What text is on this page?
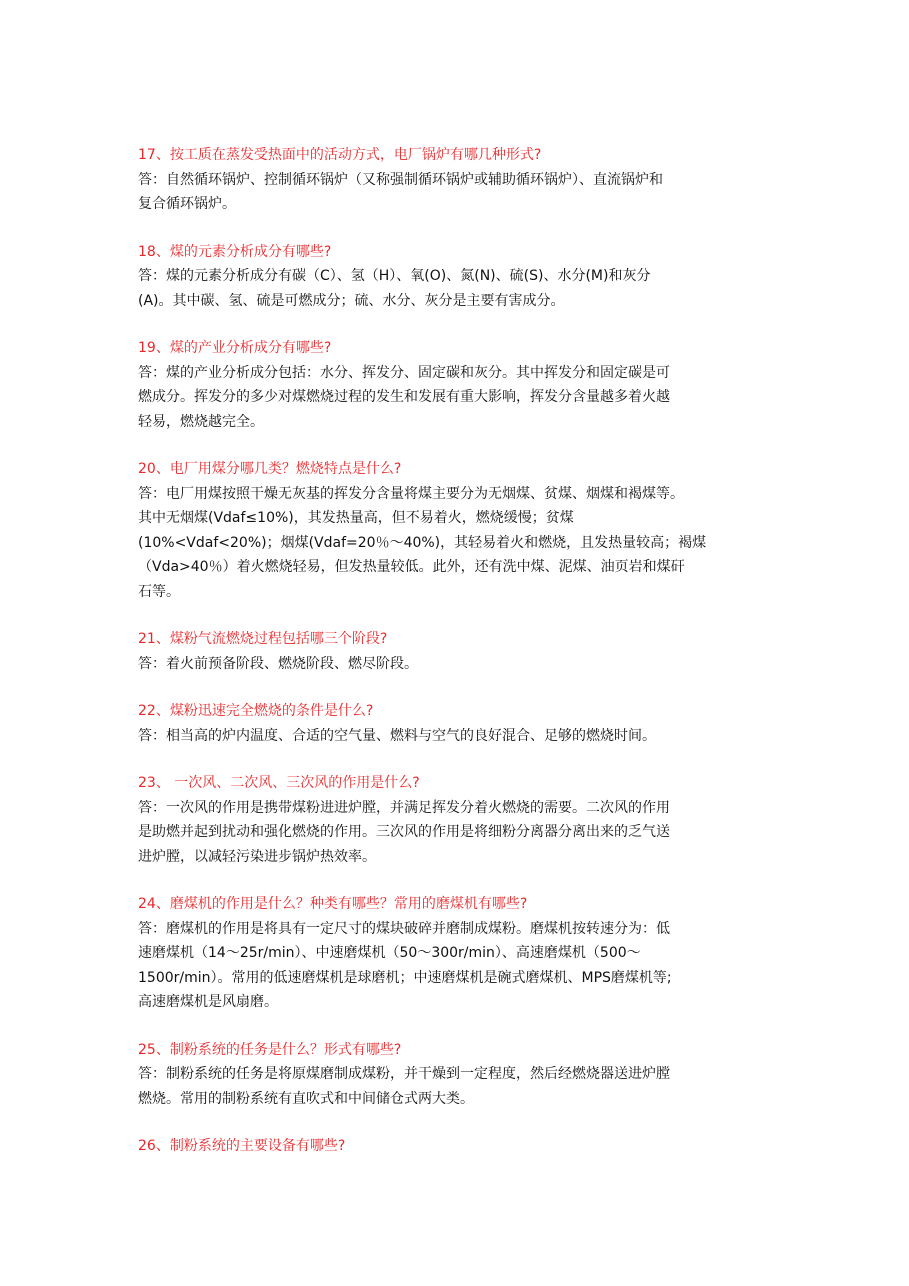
17、按工质在蒸发受热面中的活动方式，电厂锅炉有哪几种形式?
答：自然循环锅炉、控制循环锅炉（又称强制循环锅炉或辅助循环锅炉）、直流锅炉和
复合循环锅炉。
18、煤的元素分析成分有哪些?
答：煤的元素分析成分有碳（C）、氢（H）、氧(O)、氮(N)、硫(S)、水分(M)和灰分
(A)。其中碳、氢、硫是可燃成分；硫、水分、灰分是主要有害成分。
19、煤的产业分析成分有哪些?
答：煤的产业分析成分包括：水分、挥发分、固定碳和灰分。其中挥发分和固定碳是可
燃成分。挥发分的多少对煤燃烧过程的发生和发展有重大影响，挥发分含量越多着火越
轻易，燃烧越完全。
20、电厂用煤分哪几类？燃烧特点是什么?
答：电厂用煤按照干燥无灰基的挥发分含量将煤主要分为无烟煤、贫煤、烟煤和褐煤等。
其中无烟煤(Vdaf≤10%)，其发热量高，但不易着火，燃烧缓慢；贫煤
(10%<Vdaf<20%)；烟煤(Vdaf=20％～40%)，其轻易着火和燃烧，且发热量较高；褐煤
（Vda>40％）着火燃烧轻易，但发热量较低。此外，还有洗中煤、泥煤、油页岩和煤矸
石等。
21、煤粉气流燃烧过程包括哪三个阶段?
答：着火前预备阶段、燃烧阶段、燃尽阶段。
22、煤粉迅速完全燃烧的条件是什么?
答：相当高的炉内温度、合适的空气量、燃料与空气的良好混合、足够的燃烧时间。
23、 一次风、二次风、三次风的作用是什么?
答：一次风的作用是携带煤粉进进炉膛，并满足挥发分着火燃烧的需要。二次风的作用
是助燃并起到扰动和强化燃烧的作用。三次风的作用是将细粉分离器分离出来的乏气送
进炉膛，以减轻污染进步锅炉热效率。
24、磨煤机的作用是什么？种类有哪些？常用的磨煤机有哪些?
答：磨煤机的作用是将具有一定尺寸的煤块破碎并磨制成煤粉。磨煤机按转速分为：低
速磨煤机（14～25r/min）、中速磨煤机（50～300r/min）、高速磨煤机（500～
1500r/min）。常用的低速磨煤机是球磨机；中速磨煤机是碗式磨煤机、MPS磨煤机等;
高速磨煤机是风扇磨。
25、制粉系统的任务是什么？形式有哪些?
答：制粉系统的任务是将原煤磨制成煤粉，并干燥到一定程度，然后经燃烧器送进炉膛
燃烧。常用的制粉系统有直吹式和中间储仓式两大类。
26、制粉系统的主要设备有哪些?
